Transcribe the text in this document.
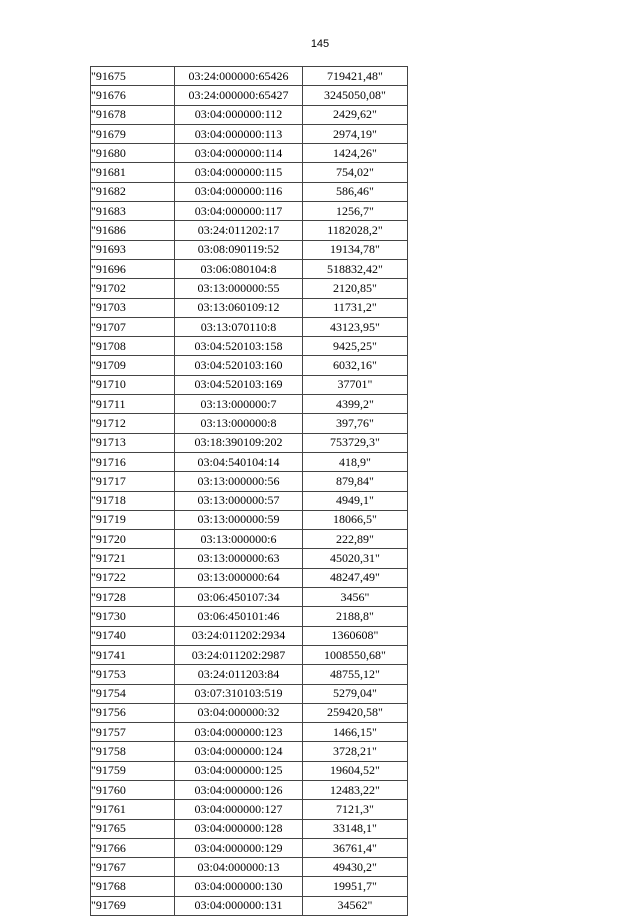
145
"91675	03:24:000000:65426	719421,48"
"91676	03:24:000000:65427	3245050,08"
"91678	03:04:000000:112	2429,62"
"91679	03:04:000000:113	2974,19"
"91680	03:04:000000:114	1424,26"
"91681	03:04:000000:115	754,02"
"91682	03:04:000000:116	586,46"
"91683	03:04:000000:117	1256,7"
"91686	03:24:011202:17	1182028,2"
"91693	03:08:090119:52	19134,78"
"91696	03:06:080104:8	518832,42"
"91702	03:13:000000:55	2120,85"
"91703	03:13:060109:12	11731,2"
"91707	03:13:070110:8	43123,95"
"91708	03:04:520103:158	9425,25"
"91709	03:04:520103:160	6032,16"
"91710	03:04:520103:169	37701"
"91711	03:13:000000:7	4399,2"
"91712	03:13:000000:8	397,76"
"91713	03:18:390109:202	753729,3"
"91716	03:04:540104:14	418,9"
"91717	03:13:000000:56	879,84"
"91718	03:13:000000:57	4949,1"
"91719	03:13:000000:59	18066,5"
"91720	03:13:000000:6	222,89"
"91721	03:13:000000:63	45020,31"
"91722	03:13:000000:64	48247,49"
"91728	03:06:450107:34	3456"
"91730	03:06:450101:46	2188,8"
"91740	03:24:011202:2934	1360608"
"91741	03:24:011202:2987	1008550,68"
"91753	03:24:011203:84	48755,12"
"91754	03:07:310103:519	5279,04"
"91756	03:04:000000:32	259420,58"
"91757	03:04:000000:123	1466,15"
"91758	03:04:000000:124	3728,21"
"91759	03:04:000000:125	19604,52"
"91760	03:04:000000:126	12483,22"
"91761	03:04:000000:127	7121,3"
"91765	03:04:000000:128	33148,1"
"91766	03:04:000000:129	36761,4"
"91767	03:04:000000:13	49430,2"
"91768	03:04:000000:130	19951,7"
"91769	03:04:000000:131	34562"
